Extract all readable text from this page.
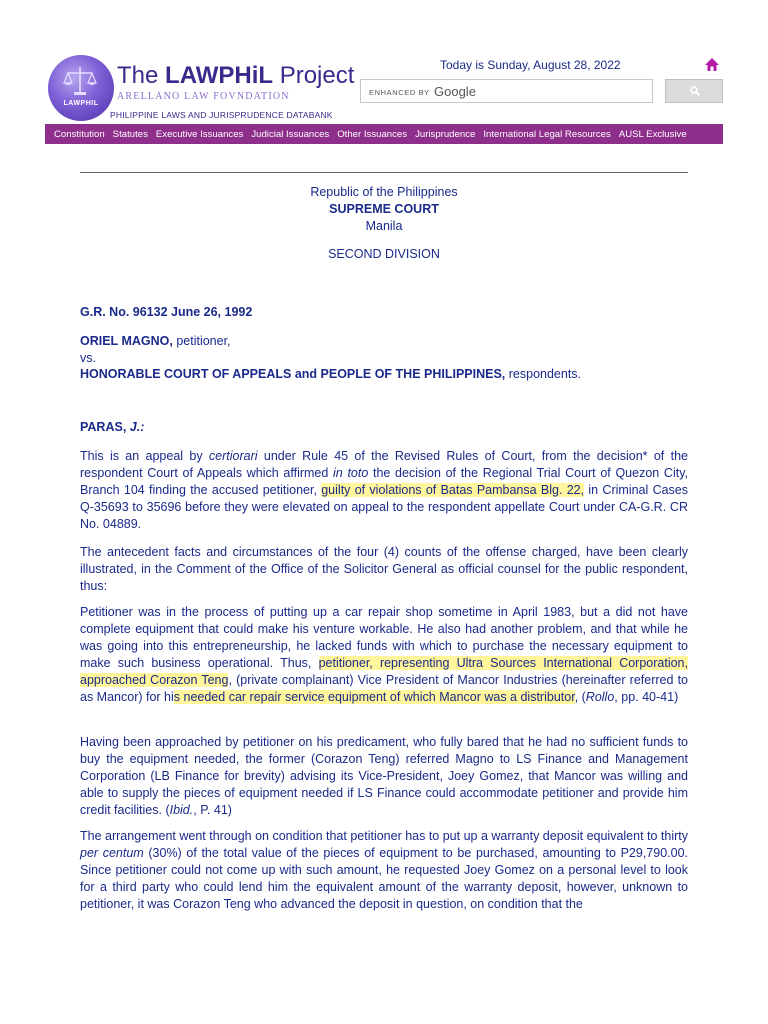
LAWPHIL
The LAWPHiL Project
ARELLANO LAW FOVNDATION
PHILIPPINE LAWS AND JURISPRUDENCE DATABANK
Today is Sunday, August 28, 2022
ENHANCED BY Google
Constitution Statutes Executive Issuances Judicial Issuances Other Issuances Jurisprudence International Legal Resources AUSL Exclusive
Republic of the Philippines
SUPREME COURT
Manila
SECOND DIVISION
G.R. No. 96132 June 26, 1992
ORIEL MAGNO, petitioner,
vs.
HONORABLE COURT OF APPEALS and PEOPLE OF THE PHILIPPINES, respondents.
PARAS, J.:
This is an appeal by certiorari under Rule 45 of the Revised Rules of Court, from the decision* of the respondent Court of Appeals which affirmed in toto the decision of the Regional Trial Court of Quezon City, Branch 104 finding the accused petitioner, guilty of violations of Batas Pambansa Blg. 22, in Criminal Cases Q-35693 to 35696 before they were elevated on appeal to the respondent appellate Court under CA-G.R. CR No. 04889.
The antecedent facts and circumstances of the four (4) counts of the offense charged, have been clearly illustrated, in the Comment of the Office of the Solicitor General as official counsel for the public respondent, thus:
Petitioner was in the process of putting up a car repair shop sometime in April 1983, but a did not have complete equipment that could make his venture workable. He also had another problem, and that while he was going into this entrepreneurship, he lacked funds with which to purchase the necessary equipment to make such business operational. Thus, petitioner, representing Ultra Sources International Corporation, approached Corazon Teng, (private complainant) Vice President of Mancor Industries (hereinafter referred to as Mancor) for his needed car repair service equipment of which Mancor was a distributor, (Rollo, pp. 40-41)
Having been approached by petitioner on his predicament, who fully bared that he had no sufficient funds to buy the equipment needed, the former (Corazon Teng) referred Magno to LS Finance and Management Corporation (LB Finance for brevity) advising its Vice-President, Joey Gomez, that Mancor was willing and able to supply the pieces of equipment needed if LS Finance could accommodate petitioner and provide him credit facilities. (Ibid., P. 41)
The arrangement went through on condition that petitioner has to put up a warranty deposit equivalent to thirty per centum (30%) of the total value of the pieces of equipment to be purchased, amounting to P29,790.00. Since petitioner could not come up with such amount, he requested Joey Gomez on a personal level to look for a third party who could lend him the equivalent amount of the warranty deposit, however, unknown to petitioner, it was Corazon Teng who advanced the deposit in question, on condition that the
